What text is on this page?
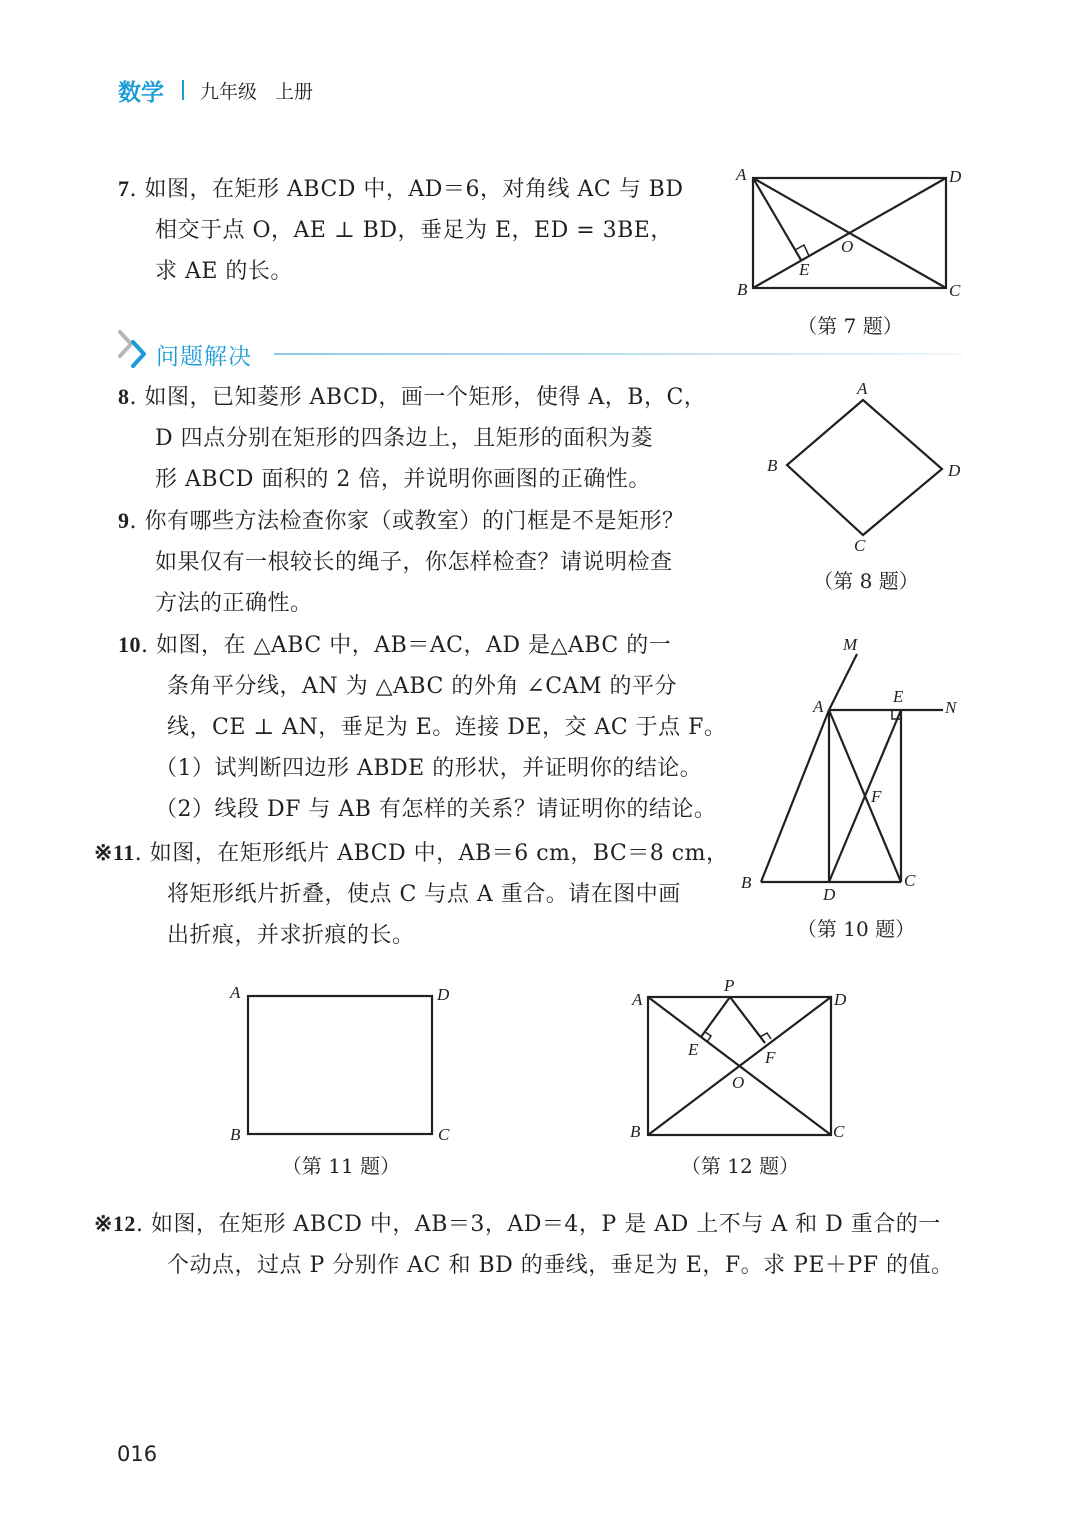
数学 九年级 上册
7. 如图，在矩形 ABCD 中，AD＝6，对角线 AC 与 BD
相交于点 O，AE ⊥ BD，垂足为 E，ED = 3BE，
求 AE 的长。
A	D
B	C
E
O
（第 7 题）
问题解决
8. 如图，已知菱形 ABCD，画一个矩形，使得 A，B，C，
D 四点分别在矩形的四条边上，且矩形的面积为菱
形 ABCD 面积的 2 倍，并说明你画图的正确性。
9. 你有哪些方法检查你家（或教室）的门框是不是矩形？
如果仅有一根较长的绳子，你怎样检查？请说明检查
方法的正确性。
A
B	D
C
（第 8 题）
10. 如图，在 △ABC 中，AB＝AC，AD 是△ABC 的一
条角平分线，AN 为 △ABC 的外角 ∠CAM 的平分
线，CE ⊥ AN，垂足为 E。连接 DE，交 AC 于点 F。
（1）试判断四边形 ABDE 的形状，并证明你的结论。
（2）线段 DF 与 AB 有怎样的关系？请证明你的结论。
M
A
E
N
F
B
D
C
（第 10 题）
※11. 如图，在矩形纸片 ABCD 中，AB＝6 cm，BC＝8 cm，
将矩形纸片折叠，使点 C 与点 A 重合。请在图中画
出折痕，并求折痕的长。
A	D
B	C
（第 11 题）
P
A	D
E	F
O
B	C
（第 12 题）
※12. 如图，在矩形 ABCD 中，AB＝3，AD＝4，P 是 AD 上不与 A 和 D 重合的一
个动点，过点 P 分别作 AC 和 BD 的垂线，垂足为 E，F。求 PE＋PF 的值。
016
